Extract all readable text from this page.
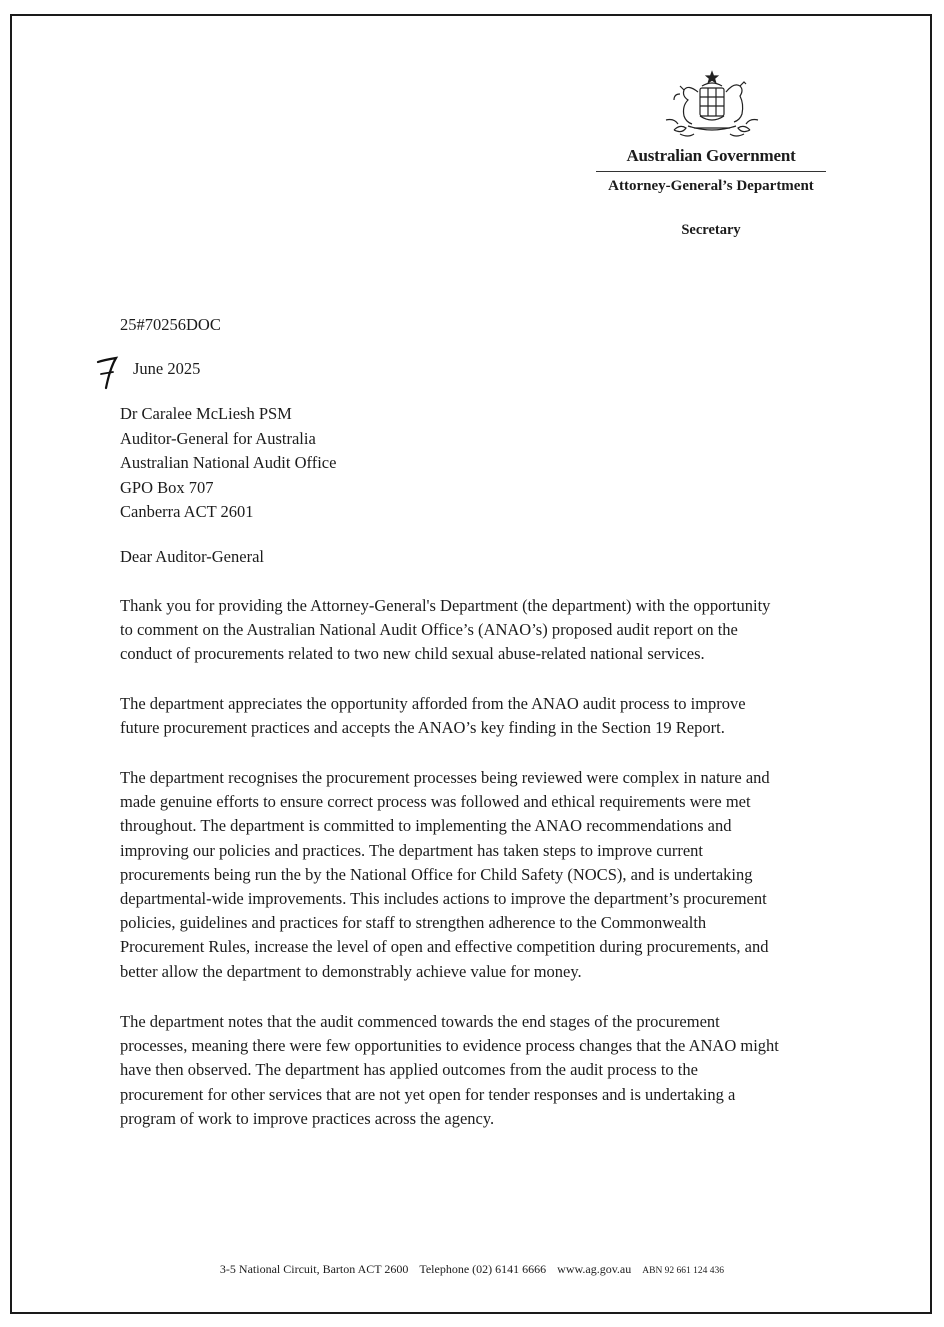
Australian Government
Attorney-General’s Department
Secretary
25#70256DOC
June 2025
Dr Caralee McLiesh PSM
Auditor-General for Australia
Australian National Audit Office
GPO Box 707
Canberra ACT 2601
Dear Auditor-General
Thank you for providing the Attorney-General's Department (the department) with the opportunity
to comment on the Australian National Audit Office’s (ANAO’s) proposed audit report on the
conduct of procurements related to two new child sexual abuse-related national services.
The department appreciates the opportunity afforded from the ANAO audit process to improve
future procurement practices and accepts the ANAO’s key finding in the Section 19 Report.
The department recognises the procurement processes being reviewed were complex in nature and
made genuine efforts to ensure correct process was followed and ethical requirements were met
throughout. The department is committed to implementing the ANAO recommendations and
improving our policies and practices. The department has taken steps to improve current
procurements being run the by the National Office for Child Safety (NOCS), and is undertaking
departmental-wide improvements. This includes actions to improve the department’s procurement
policies, guidelines and practices for staff to strengthen adherence to the Commonwealth
Procurement Rules, increase the level of open and effective competition during procurements, and
better allow the department to demonstrably achieve value for money.
The department notes that the audit commenced towards the end stages of the procurement
processes, meaning there were few opportunities to evidence process changes that the ANAO might
have then observed. The department has applied outcomes from the audit process to the
procurement for other services that are not yet open for tender responses and is undertaking a
program of work to improve practices across the agency.
3-5 National Circuit, Barton ACT 2600 Telephone (02) 6141 6666 www.ag.gov.au ABN 92 661 124 436
